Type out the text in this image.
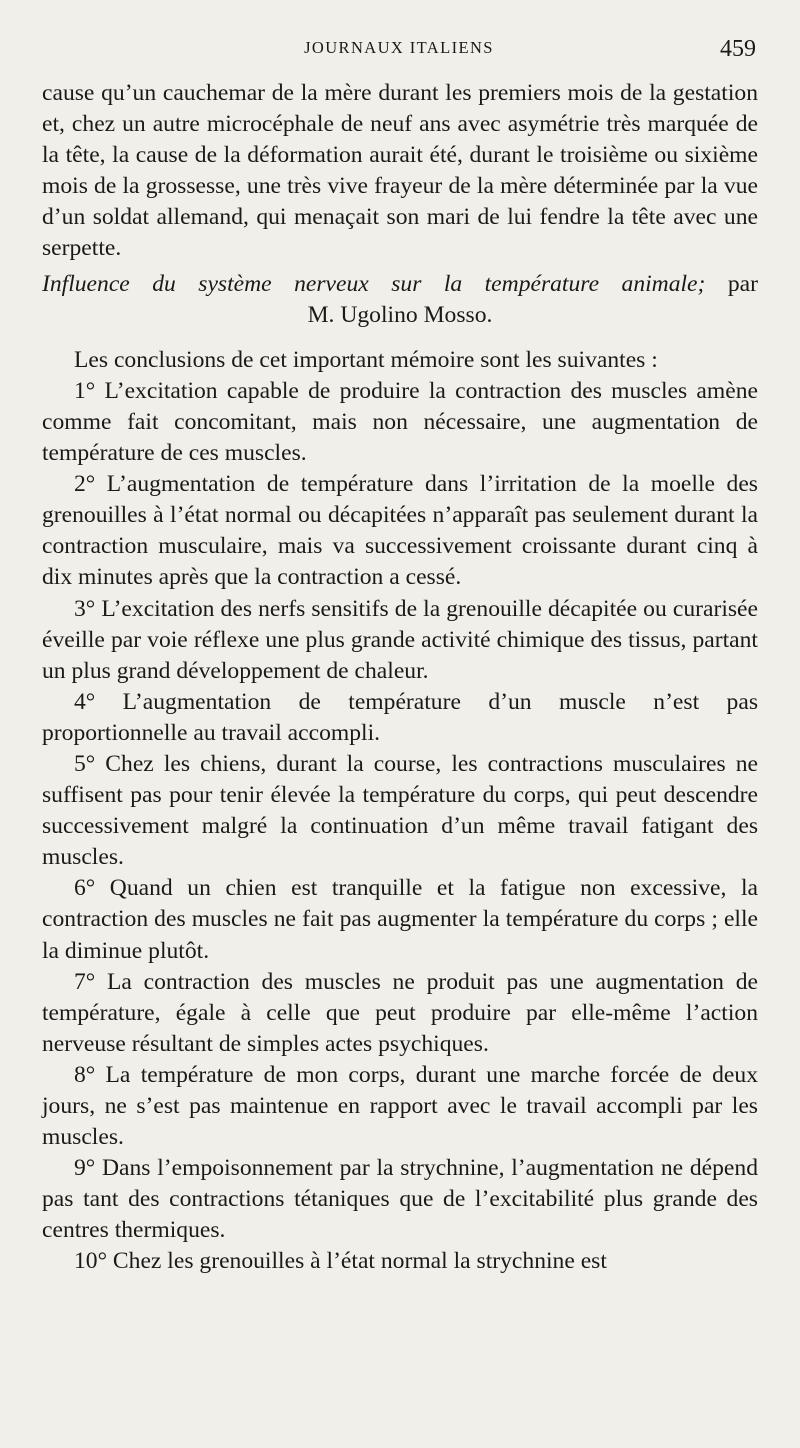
JOURNAUX ITALIENS	459

cause qu’un cauchemar de la mère durant les premiers mois de la gestation et, chez un autre microcéphale de neuf ans avec asymétrie très marquée de la tête, la cause de la déformation aurait été, durant le troisième ou sixième mois de la grossesse, une très vive frayeur de la mère déterminée par la vue d’un soldat allemand, qui menaçait son mari de lui fendre la tête avec une serpette.

Influence du système nerveux sur la température animale; par

M. Ugolino Mosso.

Les conclusions de cet important mémoire sont les suivantes :

1° L’excitation capable de produire la contraction des muscles amène comme fait concomitant, mais non nécessaire, une augmentation de température de ces muscles.

2° L’augmentation de température dans l’irritation de la moelle des grenouilles à l’état normal ou décapitées n’apparaît pas seulement durant la contraction musculaire, mais va successivement croissante durant cinq à dix minutes après que la contraction a cessé.

3° L’excitation des nerfs sensitifs de la grenouille décapitée ou curarisée éveille par voie réflexe une plus grande activité chimique des tissus, partant un plus grand développement de chaleur.

4° L’augmentation de température d’un muscle n’est pas proportionnelle au travail accompli.

5° Chez les chiens, durant la course, les contractions musculaires ne suffisent pas pour tenir élevée la température du corps, qui peut descendre successivement malgré la continuation d’un même travail fatigant des muscles.

6° Quand un chien est tranquille et la fatigue non excessive, la contraction des muscles ne fait pas augmenter la température du corps ; elle la diminue plutôt.

7° La contraction des muscles ne produit pas une augmentation de température, égale à celle que peut produire par elle-même l’action nerveuse résultant de simples actes psychiques.

8° La température de mon corps, durant une marche forcée de deux jours, ne s’est pas maintenue en rapport avec le travail accompli par les muscles.

9° Dans l’empoisonnement par la strychnine, l’augmentation ne dépend pas tant des contractions tétaniques que de l’excitabilité plus grande des centres thermiques.

10° Chez les grenouilles à l’état normal la strychnine est
